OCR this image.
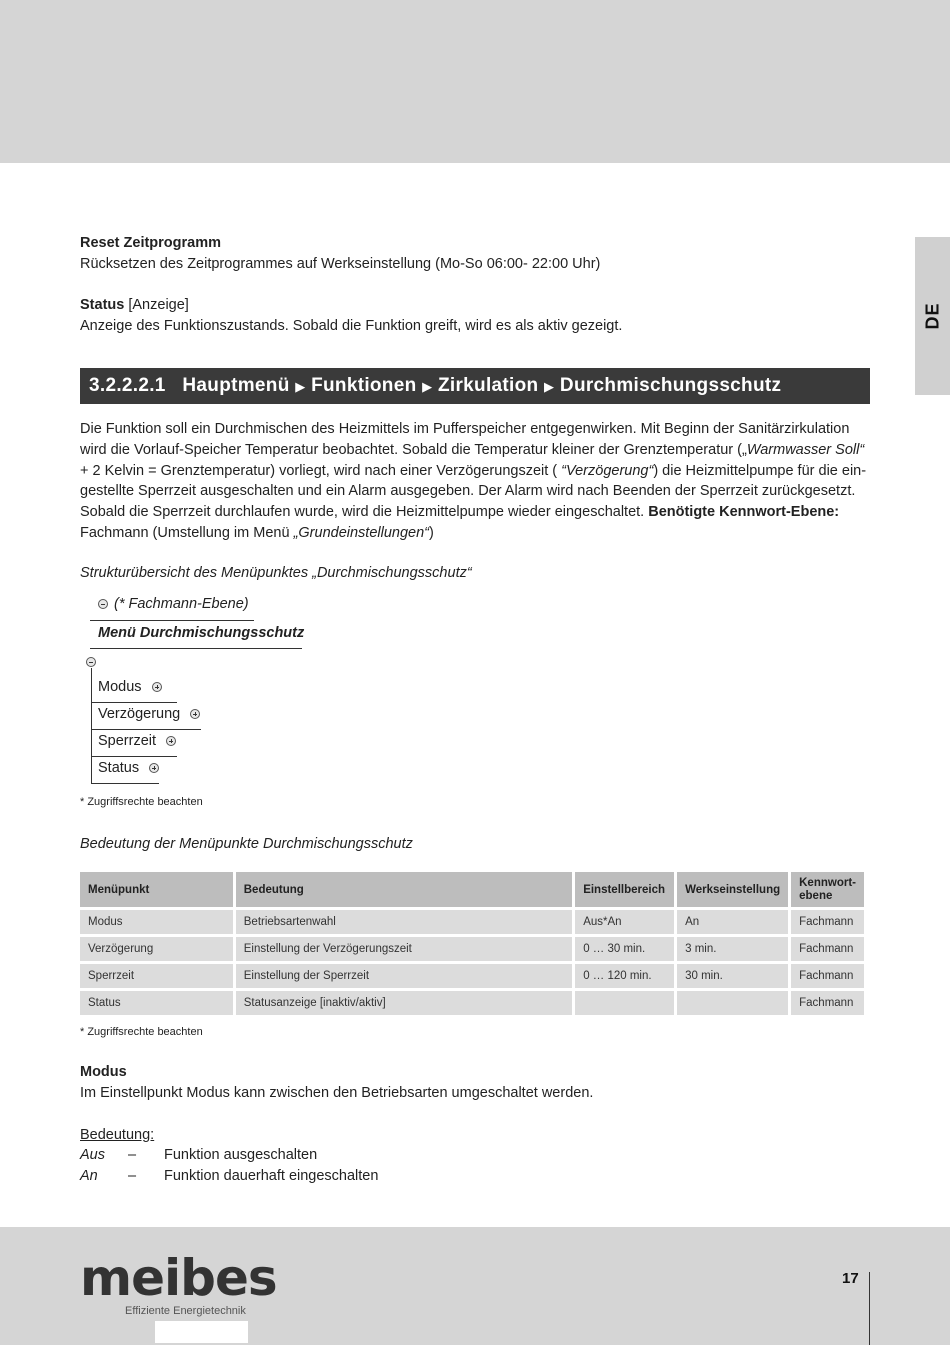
DE
Reset Zeitprogramm
Rücksetzen des Zeitprogrammes auf Werkseinstellung (Mo-So 06:00- 22:00 Uhr)
Status [Anzeige]
Anzeige des Funktionszustands. Sobald die Funktion greift, wird es als aktiv gezeigt.
3.2.2.2.1 Hauptmenü ▶ Funktionen ▶ Zirkulation ▶ Durchmischungsschutz
Die Funktion soll ein Durchmischen des Heizmittels im Pufferspeicher entgegenwirken. Mit Beginn der Sanitärzirkulation
wird die Vorlauf-Speicher Temperatur beobachtet. Sobald die Temperatur kleiner der Grenztemperatur („Warmwasser Soll“
+ 2 Kelvin = Grenztemperatur) vorliegt, wird nach einer Verzögerungszeit ( “Verzögerung“) die Heizmittelpumpe für die ein-
gestellte Sperrzeit ausgeschalten und ein Alarm ausgegeben. Der Alarm wird nach Beenden der Sperrzeit zurückgesetzt.
Sobald die Sperrzeit durchlaufen wurde, wird die Heizmittelpumpe wieder eingeschaltet. Benötigte Kennwort-Ebene:
Fachmann (Umstellung im Menü „Grundeinstellungen“)
Strukturübersicht des Menüpunktes „Durchmischungsschutz“
(* Fachmann-Ebene)
Menü Durchmischungsschutz
Modus
Verzögerung
Sperrzeit
Status
* Zugriffsrechte beachten
Bedeutung der Menüpunkte Durchmischungsschutz
Menüpunkt	Bedeutung	Einstellbereich	Werkseinstellung	Kennwort-
ebene
Modus	Betriebsartenwahl	Aus*An	An	Fachmann
Verzögerung	Einstellung der Verzögerungszeit	0 … 30 min.	3 min.	Fachmann
Sperrzeit	Einstellung der Sperrzeit	0 … 120 min.	30 min.	Fachmann
Status	Statusanzeige [inaktiv/aktiv]			Fachmann
* Zugriffsrechte beachten
Modus
Im Einstellpunkt Modus kann zwischen den Betriebsarten umgeschaltet werden.
Bedeutung:
Aus – Funktion ausgeschalten
An – Funktion dauerhaft eingeschalten
meibes
Effiziente Energietechnik
17
